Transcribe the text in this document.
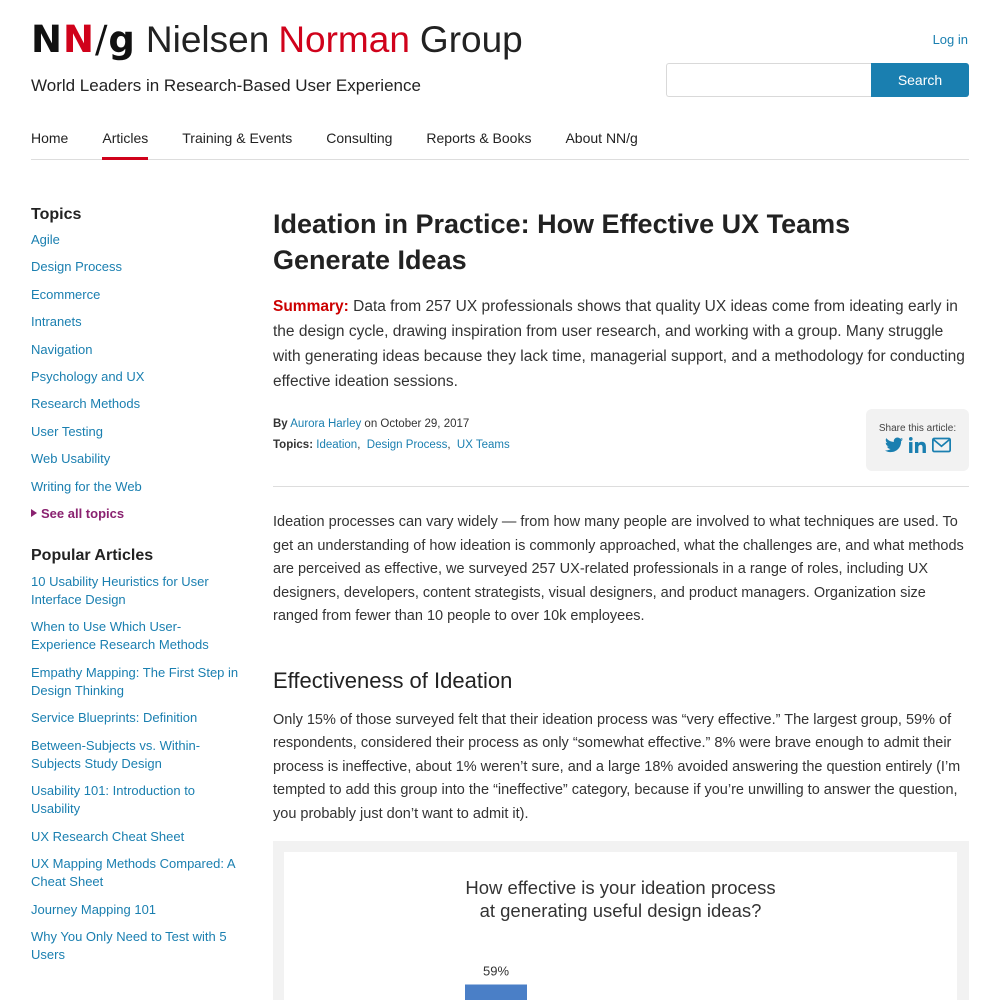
NN/g Nielsen Norman Group
World Leaders in Research-Based User Experience
Log in
Search
Home Articles Training & Events Consulting Reports & Books About NN/g
Topics
Agile
Design Process
Ecommerce
Intranets
Navigation
Psychology and UX
Research Methods
User Testing
Web Usability
Writing for the Web
See all topics
Popular Articles
10 Usability Heuristics for User Interface Design
When to Use Which User-Experience Research Methods
Empathy Mapping: The First Step in Design Thinking
Service Blueprints: Definition
Between-Subjects vs. Within-Subjects Study Design
Usability 101: Introduction to Usability
UX Research Cheat Sheet
UX Mapping Methods Compared: A Cheat Sheet
Journey Mapping 101
Why You Only Need to Test with 5 Users
Ideation in Practice: How Effective UX Teams Generate Ideas

Summary: Data from 257 UX professionals shows that quality UX ideas come from ideating early in the design cycle, drawing inspiration from user research, and working with a group. Many struggle with generating ideas because they lack time, managerial support, and a methodology for conducting effective ideation sessions.

By Aurora Harley on October 29, 2017
Topics: Ideation,  Design Process,  UX Teams
Share this article:

Ideation processes can vary widely — from how many people are involved to what techniques are used. To get an understanding of how ideation is commonly approached, what the challenges are, and what methods are perceived as effective, we surveyed 257 UX-related professionals in a range of roles, including UX designers, developers, content strategists, visual designers, and product managers. Organization size ranged from fewer than 10 people to over 10k employees.

Effectiveness of Ideation

Only 15% of those surveyed felt that their ideation process was “very effective.” The largest group, 59% of respondents, considered their process as only “somewhat effective.” 8% were brave enough to admit their process is ineffective, about 1% weren’t sure, and a large 18% avoided answering the question entirely (I’m tempted to add this group into the “ineffective” category, because if you’re unwilling to answer the question, you probably just don’t want to admit it).

How effective is your ideation process
at generating useful design ideas?
59%
